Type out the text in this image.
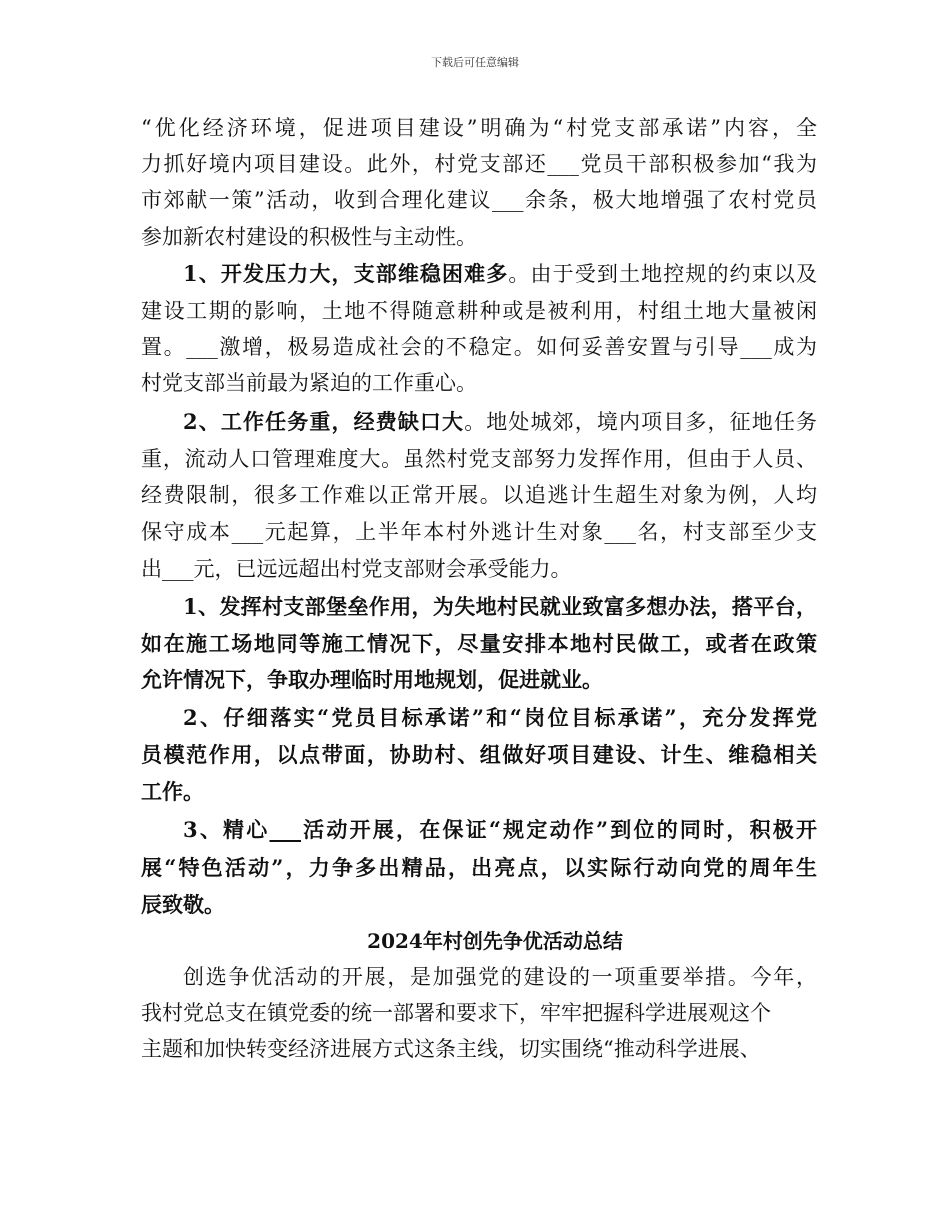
下载后可任意编辑
“优化经济环境，促进项目建设”明确为“村党支部承诺”内容，全
力抓好境内项目建设。此外，村党支部还___党员干部积极参加“我为
市郊献一策”活动，收到合理化建议___余条，极大地增强了农村党员
参加新农村建设的积极性与主动性。
1、开发压力大，支部维稳困难多。由于受到土地控规的约束以及
建设工期的影响，土地不得随意耕种或是被利用，村组土地大量被闲
置。___激增，极易造成社会的不稳定。如何妥善安置与引导___成为
村党支部当前最为紧迫的工作重心。
2、工作任务重，经费缺口大。地处城郊，境内项目多，征地任务
重，流动人口管理难度大。虽然村党支部努力发挥作用，但由于人员、
经费限制，很多工作难以正常开展。以追逃计生超生对象为例，人均
保守成本___元起算，上半年本村外逃计生对象___名，村支部至少支
出___元，已远远超出村党支部财会承受能力。
1、发挥村支部堡垒作用，为失地村民就业致富多想办法，搭平台，
如在施工场地同等施工情况下，尽量安排本地村民做工，或者在政策
允许情况下，争取办理临时用地规划，促进就业。
2、仔细落实“党员目标承诺”和“岗位目标承诺”，充分发挥党
员模范作用，以点带面，协助村、组做好项目建设、计生、维稳相关
工作。
3、精心___活动开展，在保证“规定动作”到位的同时，积极开
展“特色活动”，力争多出精品，出亮点，以实际行动向党的周年生
辰致敬。
2024年村创先争优活动总结
创选争优活动的开展，是加强党的建设的一项重要举措。今年，
我村党总支在镇党委的统一部署和要求下，牢牢把握科学进展观这个
主题和加快转变经济进展方式这条主线，切实围绕“推动科学进展、
